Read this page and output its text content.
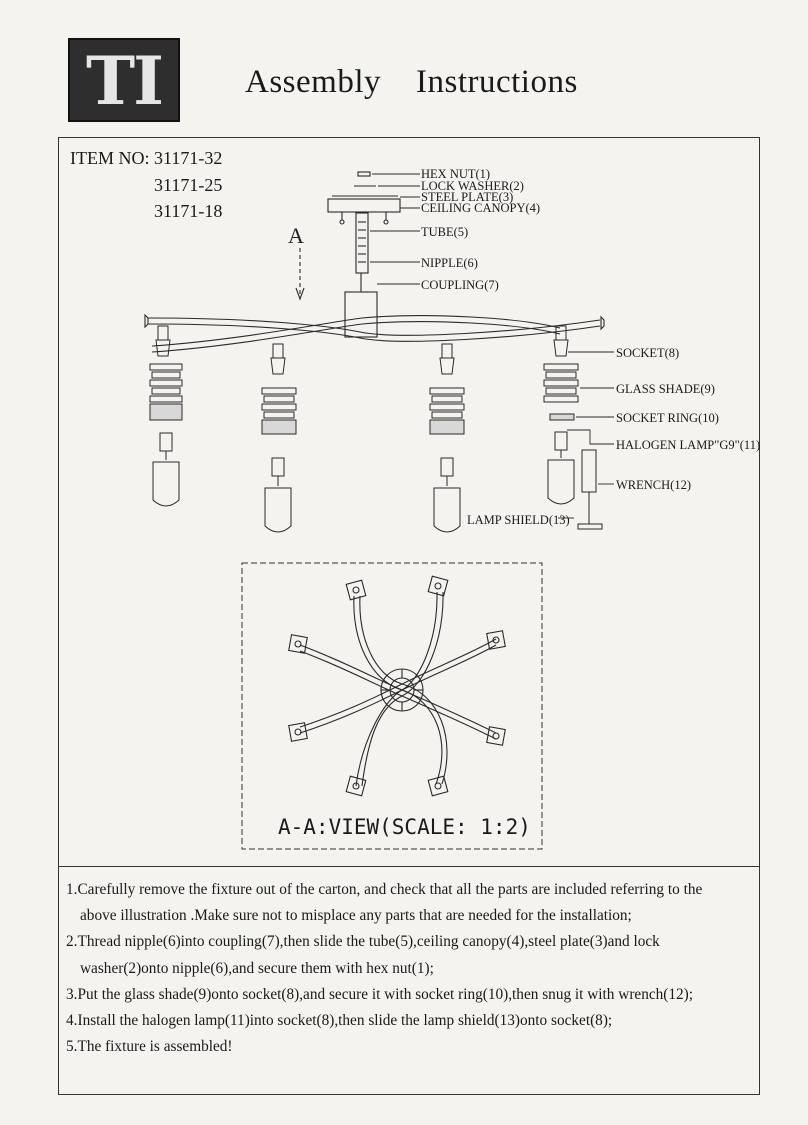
TI	Assembly    Instructions
ITEM NO: 31171-32
31171-25
31171-18
A
HEX NUT(1)
LOCK WASHER(2)
STEEL PLATE(3)
CEILING CANOPY(4)
TUBE(5)
NIPPLE(6)
COUPLING(7)
SOCKET(8)
GLASS SHADE(9)
SOCKET RING(10)
HALOGEN LAMP"G9"(11)
WRENCH(12)
LAMP SHIELD(13)
A-A:VIEW(SCALE: 1:2)
1.Carefully remove the fixture out of the carton, and check that all the parts are included referring to the
above illustration .Make sure not to misplace any parts that are needed for the installation;
2.Thread nipple(6)into coupling(7),then slide the tube(5),ceiling canopy(4),steel plate(3)and lock
washer(2)onto nipple(6),and secure them with hex nut(1);
3.Put the glass shade(9)onto socket(8),and secure it with socket ring(10),then snug it with wrench(12);
4.Install the halogen lamp(11)into socket(8),then slide the lamp shield(13)onto socket(8);
5.The fixture is assembled!
